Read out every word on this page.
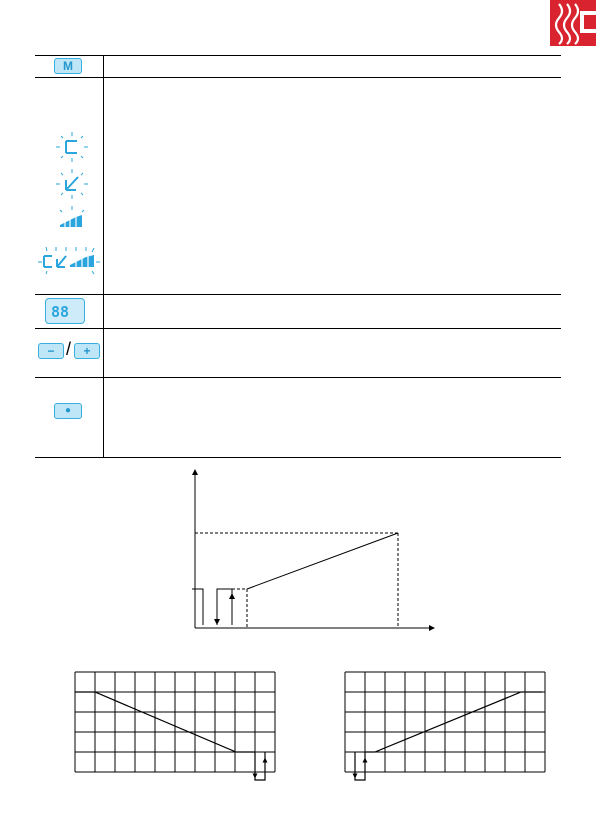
M
88
− /	+
●
